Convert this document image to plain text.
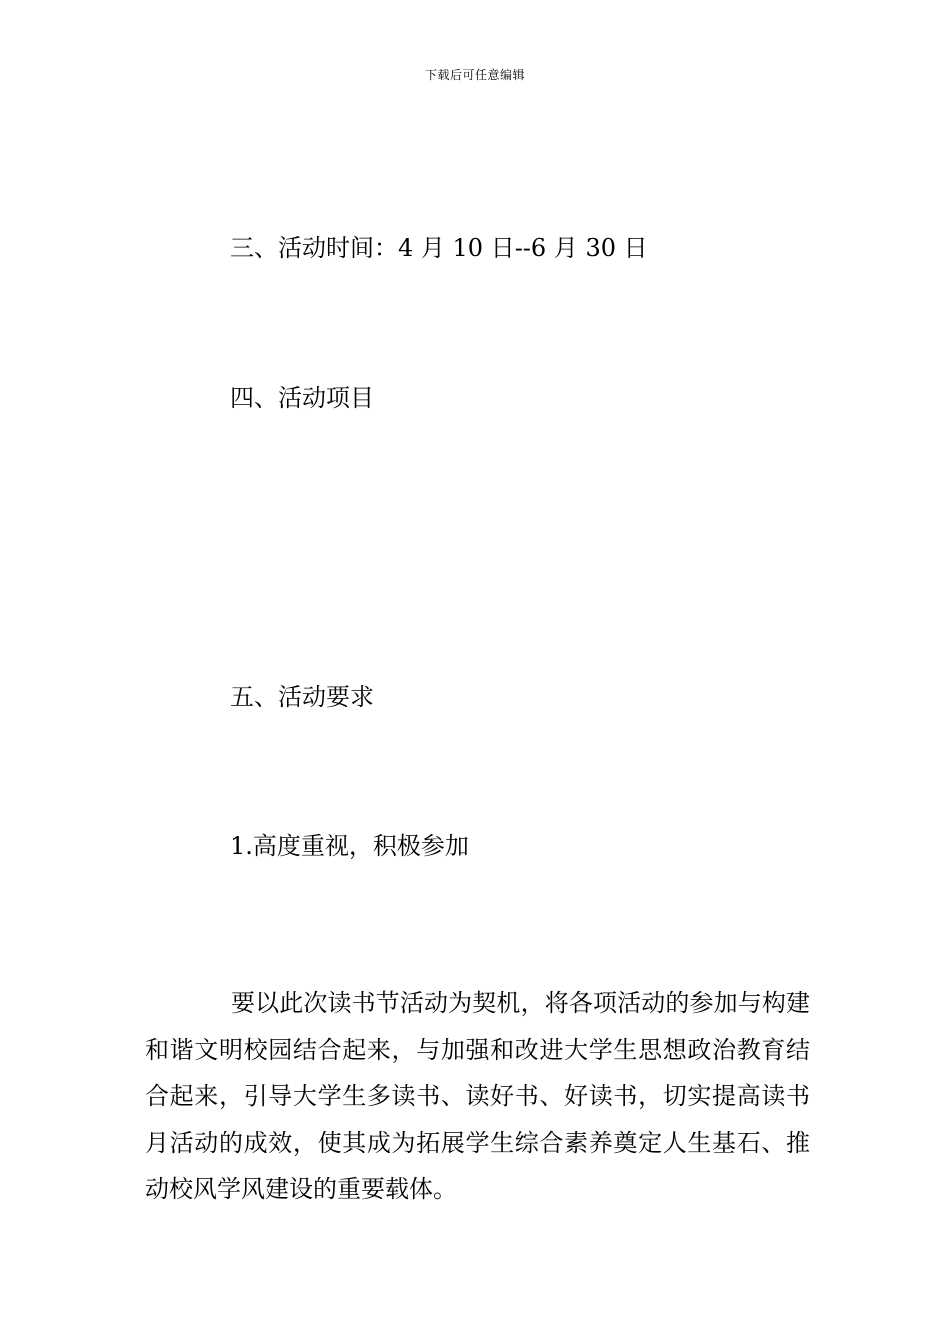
下载后可任意编辑
三、活动时间：4 月 10 日--6 月 30 日
四、活动项目
五、活动要求
1.高度重视，积极参加
要以此次读书节活动为契机，将各项活动的参加与构建和谐文明校园结合起来，与加强和改进大学生思想政治教育结合起来，引导大学生多读书、读好书、好读书，切实提高读书月活动的成效，使其成为拓展学生综合素养奠定人生基石、推动校风学风建设的重要载体。
